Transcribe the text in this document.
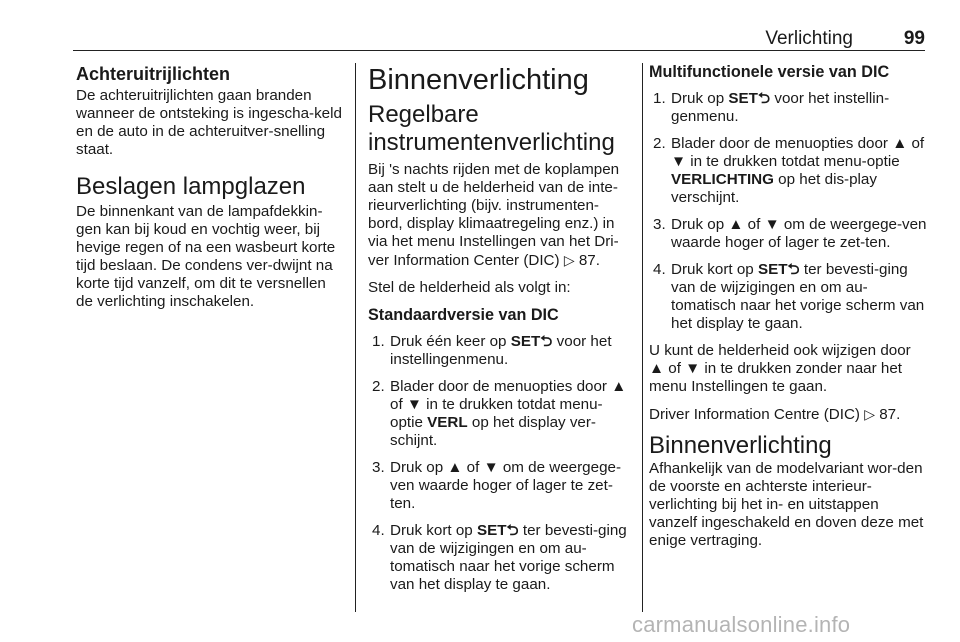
Verlichting	99
Achteruitrijlichten

De achteruitrijlichten gaan branden wanneer de ontsteking is ingescha-keld en de auto in de achteruitver-snelling staat.

Beslagen lampglazen

De binnenkant van de lampafdekkin-gen kan bij koud en vochtig weer, bij hevige regen of na een wasbeurt korte tijd beslaan. De condens ver-dwijnt na korte tijd vanzelf, om dit te versnellen de verlichting inschakelen.

Binnenverlichting
Regelbare instrumentenverlichting

Bij 's nachts rijden met de koplampen aan stelt u de helderheid van de inte-rieurverlichting (bijv. instrumenten-bord, display klimaatregeling enz.) in via het menu Instellingen van het Dri-ver Information Center (DIC) ▷ 87.

Stel de helderheid als volgt in:

Standaardversie van DIC
1. Druk één keer op SET⮌ voor het instellingenmenu.
2. Blader door de menuopties door ▲ of ▼ in te drukken totdat menu-optie VERL op het display ver-schijnt.
3. Druk op ▲ of ▼ om de weergege-ven waarde hoger of lager te zet-ten.
4. Druk kort op SET⮌ ter bevesti-ging van de wijzigingen en om au-tomatisch naar het vorige scherm van het display te gaan.
Multifunctionele versie van DIC
1. Druk op SET⮌ voor het instellin-genmenu.
2. Blader door de menuopties door ▲ of ▼ in te drukken totdat menu-optie VERLICHTING op het dis-play verschijnt.
3. Druk op ▲ of ▼ om de weergege-ven waarde hoger of lager te zet-ten.
4. Druk kort op SET⮌ ter bevesti-ging van de wijzigingen en om au-tomatisch naar het vorige scherm van het display te gaan.

U kunt de helderheid ook wijzigen door ▲ of ▼ in te drukken zonder naar het menu Instellingen te gaan.

Driver Information Centre (DIC) ▷ 87.

Binnenverlichting

Afhankelijk van de modelvariant wor-den de voorste en achterste interieur-verlichting bij het in- en uitstappen vanzelf ingeschakeld en doven deze met enige vertraging.

carmanualsonline.info
